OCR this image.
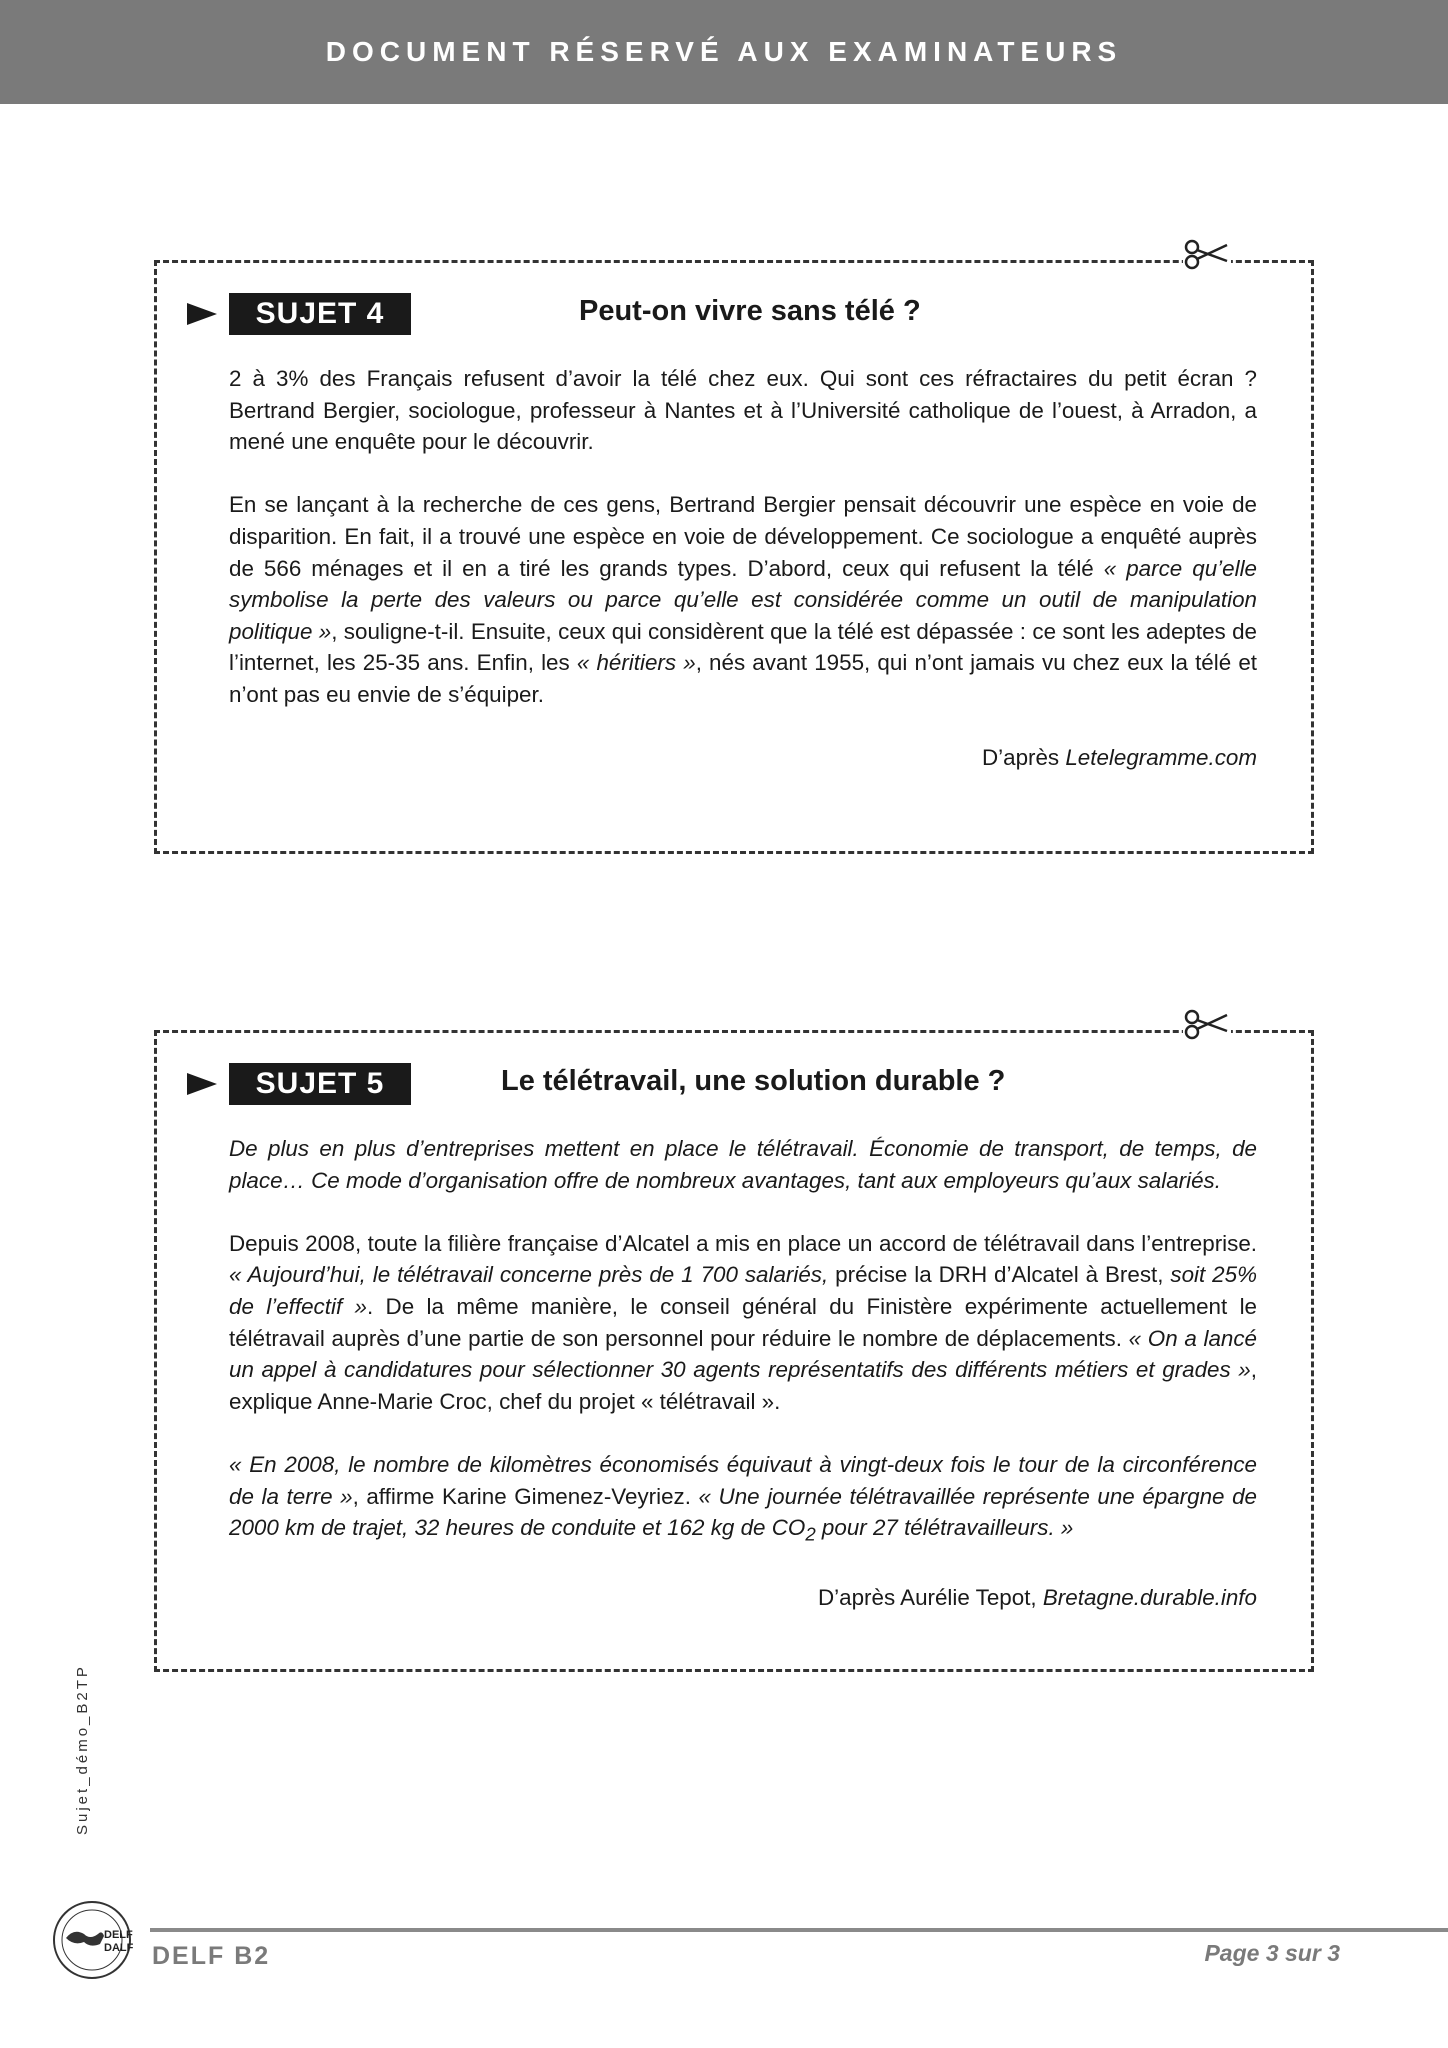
DOCUMENT RÉSERVÉ AUX EXAMINATEURS
SUJET 4	Peut-on vivre sans télé ?

2 à 3% des Français refusent d’avoir la télé chez eux. Qui sont ces réfractaires du petit écran ? Bertrand Bergier, sociologue, professeur à Nantes et à l’Université catholique de l’ouest, à Arradon, a mené une enquête pour le découvrir.

En se lançant à la recherche de ces gens, Bertrand Bergier pensait découvrir une espèce en voie de disparition. En fait, il a trouvé une espèce en voie de développement. Ce sociologue a enquêté auprès de 566 ménages et il en a tiré les grands types. D’abord, ceux qui refusent la télé « parce qu’elle symbolise la perte des valeurs ou parce qu’elle est considérée comme un outil de manipulation politique », souligne-t-il. Ensuite, ceux qui considèrent que la télé est dépassée : ce sont les adeptes de l’internet, les 25-35 ans. Enfin, les « héritiers », nés avant 1955, qui n’ont jamais vu chez eux la télé et n’ont pas eu envie de s’équiper.

D’après Letelegramme.com

SUJET 5	Le télétravail, une solution durable ?

De plus en plus d’entreprises mettent en place le télétravail. Économie de transport, de temps, de place… Ce mode d’organisation offre de nombreux avantages, tant aux employeurs qu’aux salariés.

Depuis 2008, toute la filière française d’Alcatel a mis en place un accord de télétravail dans l’entreprise. « Aujourd’hui, le télétravail concerne près de 1 700 salariés, précise la DRH d’Alcatel à Brest, soit 25% de l’effectif ». De la même manière, le conseil général du Finistère expérimente actuellement le télétravail auprès d’une partie de son personnel pour réduire le nombre de déplacements. « On a lancé un appel à candidatures pour sélectionner 30 agents représentatifs des différents métiers et grades », explique Anne-Marie Croc, chef du projet « télétravail ».

« En 2008, le nombre de kilomètres économisés équivaut à vingt-deux fois le tour de la circonférence de la terre », affirme Karine Gimenez-Veyriez. « Une journée télétravaillée représente une épargne de 2000 km de trajet, 32 heures de conduite et 162 kg de $CO_2$ pour 27 télétravailleurs. »

D’après Aurélie Tepot, Bretagne.durable.info

Sujet_démo_B2TP
DELF
DALF DELF B2	Page 3 sur 3
